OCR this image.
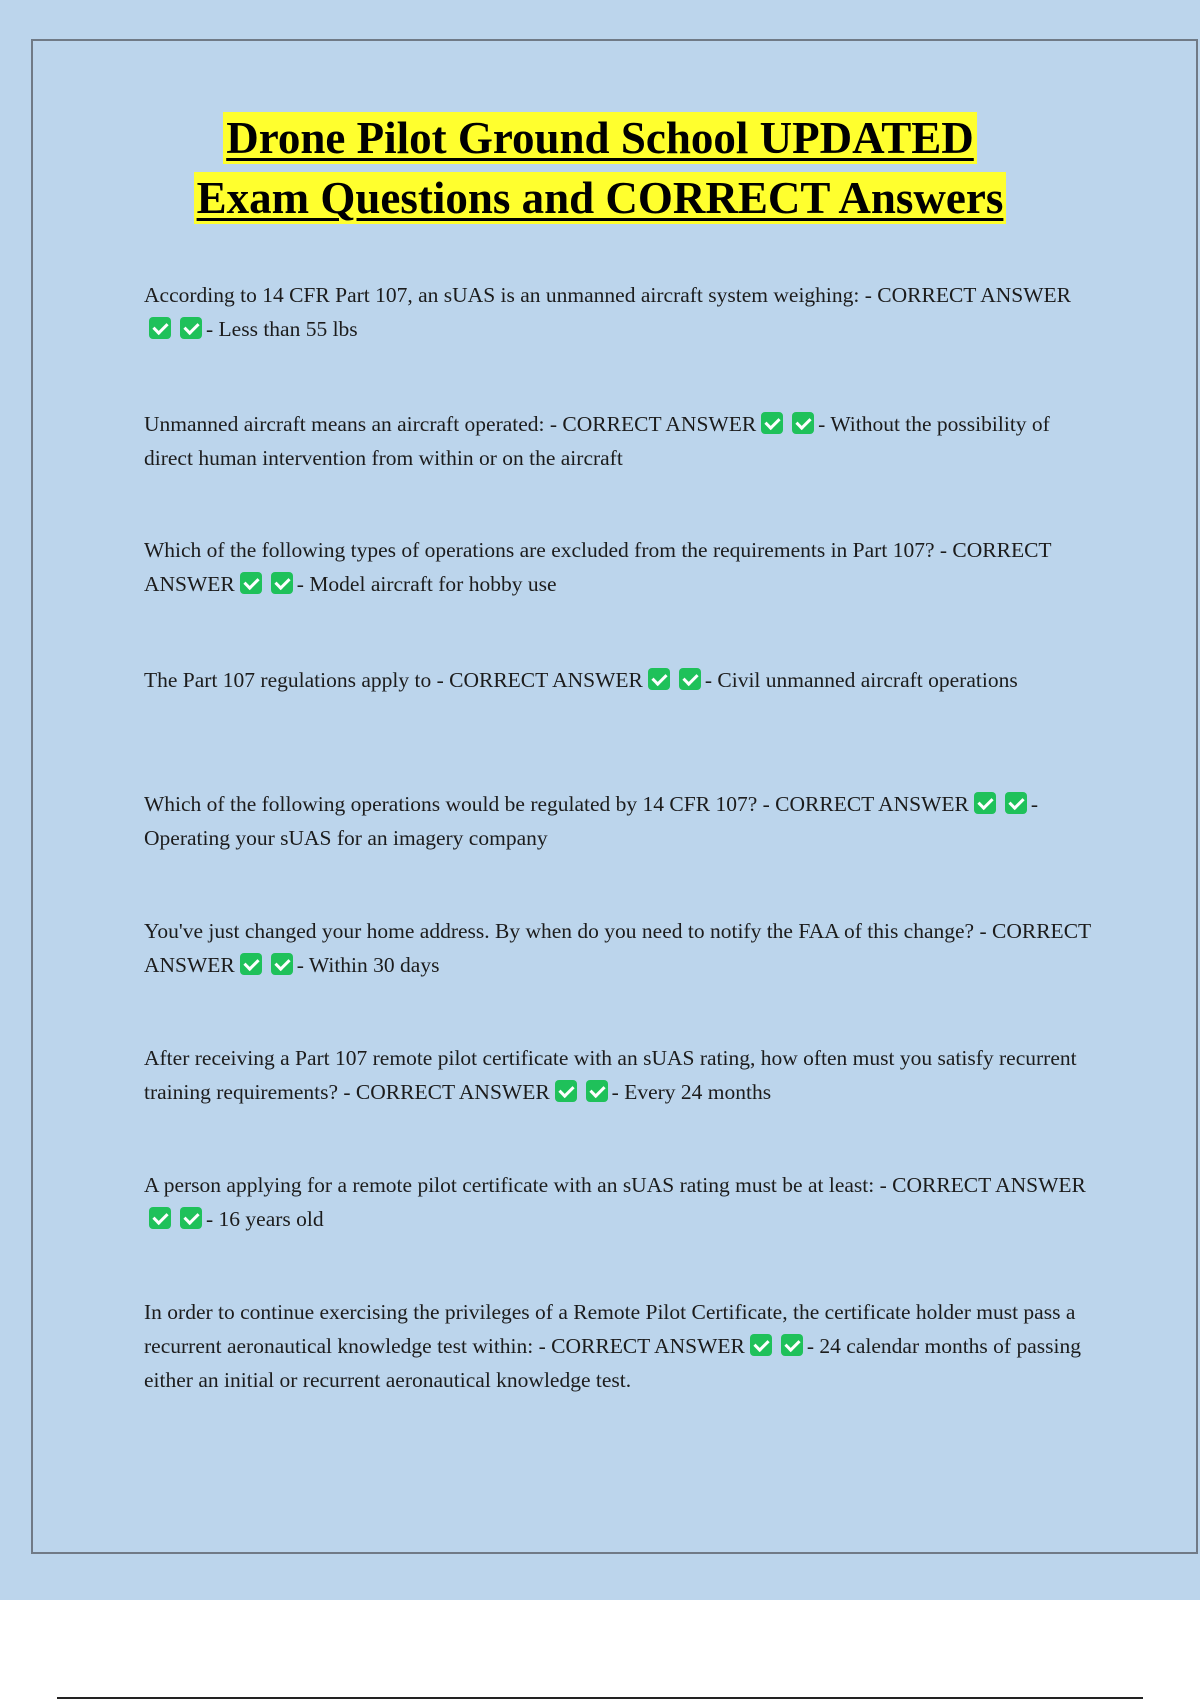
Drone Pilot Ground School UPDATED
Exam Questions and CORRECT Answers
According to 14 CFR Part 107, an sUAS is an unmanned aircraft system weighing: - CORRECT ANSWER- Less than 55 lbs
Unmanned aircraft means an aircraft operated: - CORRECT ANSWER	- Without the possibility of direct human intervention from within or on the aircraft
Which of the following types of operations are excluded from the requirements in Part 107? - CORRECT ANSWER	- Model aircraft for hobby use
The Part 107 regulations apply to - CORRECT ANSWER	- Civil unmanned aircraft operations
Which of the following operations would be regulated by 14 CFR 107? - CORRECT ANSWER	- Operating your sUAS for an imagery company
You've just changed your home address. By when do you need to notify the FAA of this change? - CORRECT ANSWER	- Within 30 days
After receiving a Part 107 remote pilot certificate with an sUAS rating, how often must you satisfy recurrent training requirements? - CORRECT ANSWER	- Every 24 months
A person applying for a remote pilot certificate with an sUAS rating must be at least: - CORRECT ANSWER- 16 years old
In order to continue exercising the privileges of a Remote Pilot Certificate, the certificate holder must pass a recurrent aeronautical knowledge test within: - CORRECT ANSWER	- 24 calendar months of passing either an initial or recurrent aeronautical knowledge test.
